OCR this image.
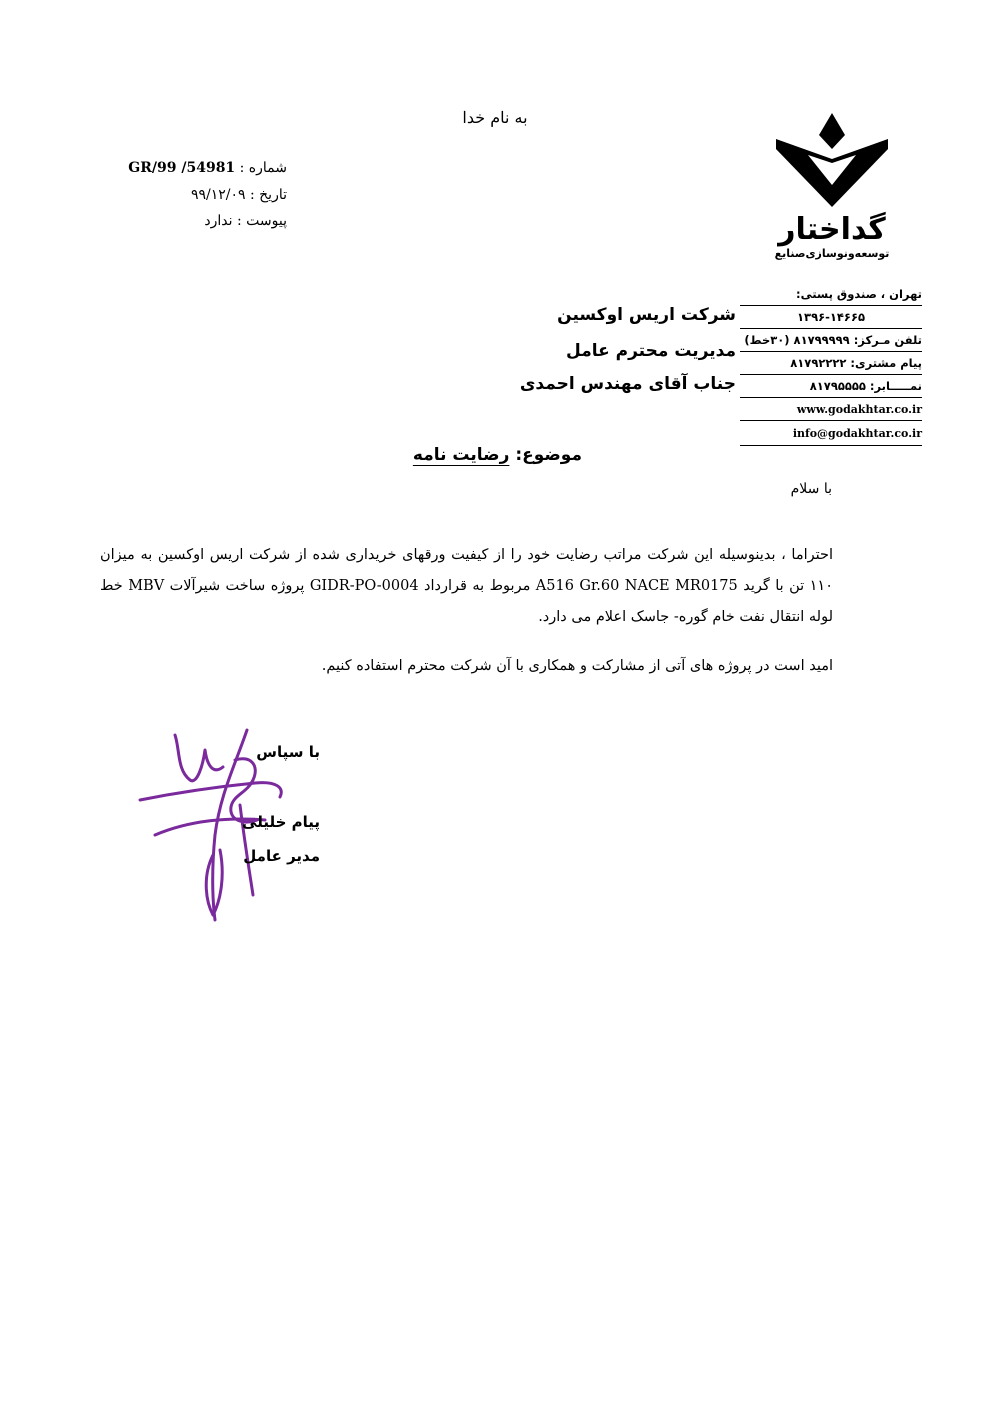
به نام خدا
شماره : GR/99 /54981
تاریخ : ۹۹/۱۲/۰۹
پیوست : ندارد	گداختار
توسعه‌ونوسازی‌صنایع
تهران ، صندوق پستی:
۱۳۹۶-۱۴۶۶۵
تلفن مـرکز: ۸۱۷۹۹۹۹۹ (۳۰خط)
پیام مشتری: ۸۱۷۹۲۲۲۲
نمـــــابر: ۸۱۷۹۵۵۵۵
www.godakhtar.co.ir
info@godakhtar.co.ir
شرکت اریس اوکسین
مدیریت محترم عامل
جناب آقای مهندس احمدی
موضوع: رضایت نامه
با سلام

احتراما ، بدینوسیله این شرکت مراتب رضایت خود را از کیفیت ورقهای خریداری شده از شرکت اریس اوکسین به میزان ۱۱۰ تن با گرید A516 Gr.60 NACE MR0175 مربوط به قرارداد GIDR-PO-0004 پروژه ساخت شیرآلات MBV خط لوله انتقال نفت خام گوره- جاسک اعلام می دارد.

امید است در پروژه های آتی از مشارکت و همکاری با آن شرکت محترم استفاده کنیم.

با سپاس
پیام خلیلی
مدیر عامل
